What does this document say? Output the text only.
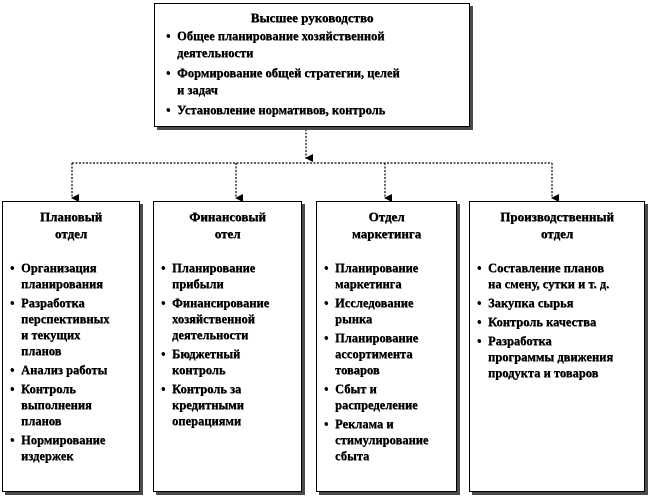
Высшее руководство
• Общее планирование хозяйственной
деятельности
• Формирование общей стратегии, целей
и задач
• Установление нормативов, контроль
Плановый
отдел
• Организация
планирования
• Разработка
перспективных
и текущих
планов
• Анализ работы
• Контроль
выполнения
планов
• Нормирование
издержек
Финансовый
отел
• Планирование
прибыли
• Финансирование
хозяйственной
деятельности
• Бюджетный
контроль
• Контроль за
кредитными
операциями
Отдел
маркетинга
• Планирование
маркетинга
• Исследование
рынка
• Планирование
ассортимента
товаров
• Сбыт и
распределение
• Реклама и
стимулирование
сбыта
Производственный
отдел
• Составление планов
на смену, сутки и т. д.
• Закупка сырья
• Контроль качества
• Разработка
программы движения
продукта и товаров
